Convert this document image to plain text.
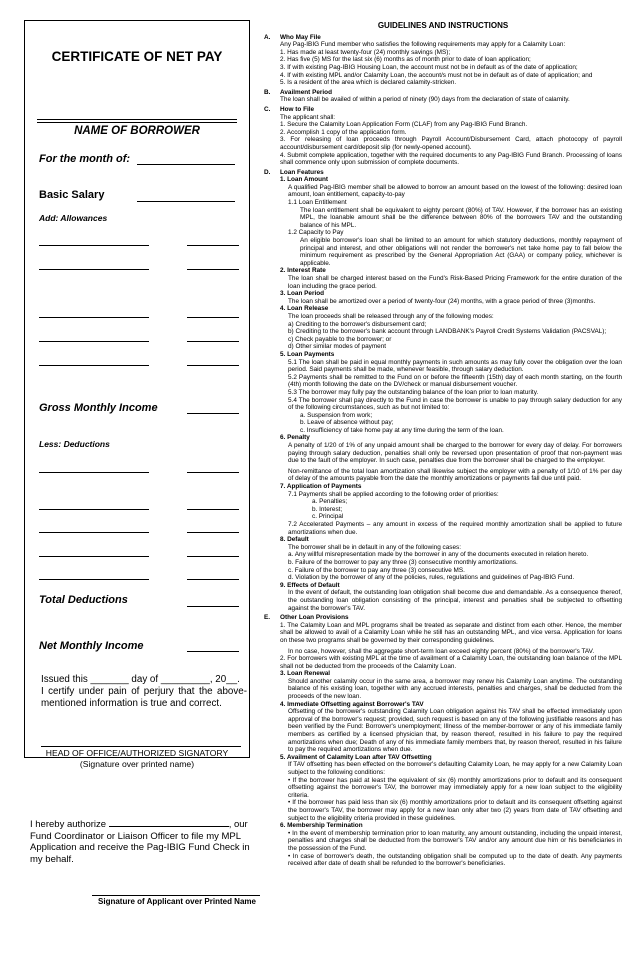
CERTIFICATE OF NET PAY
NAME OF BORROWER
For the month of:
Basic Salary
Add: Allowances
Gross Monthly Income
Less: Deductions
Total Deductions
Net Monthly Income
Issued this _______ day of _________, 20__.
I certify under pain of perjury that the above-mentioned information is true and correct.
HEAD OF OFFICE/AUTHORIZED SIGNATORY
(Signature over printed name)
I hereby authorize	, our Fund Coordinator or Liaison Officer to file my MPL Application and receive the Pag-IBIG Fund Check in my behalf.
Signature of Applicant over Printed Name
GUIDELINES AND INSTRUCTIONS
A. Who May File
Any Pag-IBIG Fund member who satisfies the following requirements may apply for a Calamity Loan:
1. Has made at least twenty-four (24) monthly savings (MS);
2. Has five (5) MS for the last six (6) months as of month prior to date of loan application;
3. If with existing Pag-IBIG Housing Loan, the account must not be in default as of the date of application;
4. If with existing MPL and/or Calamity Loan, the account/s must not be in default as of date of application; and
5. Is a resident of the area which is declared calamity-stricken.
B. Availment Period
The loan shall be availed of within a period of ninety (90) days from the declaration of state of calamity.
C. How to File
The applicant shall:
1. Secure the Calamity Loan Application Form (CLAF) from any Pag-IBIG Fund Branch.
2. Accomplish 1 copy of the application form.
3. For releasing of loan proceeds through Payroll Account/Disbursement Card, attach photocopy of payroll account/disbursement card/deposit slip (for newly-opened account).
4. Submit complete application, together with the required documents to any Pag-IBIG Fund Branch. Processing of loans shall commence only upon submission of complete documents.
D. Loan Features
1. Loan Amount
A qualified Pag-IBIG member shall be allowed to borrow an amount based on the lowest of the following: desired loan amount, loan entitlement, capacity-to-pay
1.1 Loan Entitlement
The loan entitlement shall be equivalent to eighty percent (80%) of TAV. However, if the borrower has an existing MPL, the loanable amount shall be the difference between 80% of the borrowers TAV and the outstanding balance of his MPL.
1.2 Capacity to Pay
An eligible borrower's loan shall be limited to an amount for which statutory deductions, monthly repayment of principal and interest, and other obligations will not render the borrower's net take home pay to fall below the minimum requirement as prescribed by the General Appropriation Act (GAA) or company policy, whichever is applicable.
2. Interest Rate
The loan shall be charged interest based on the Fund's Risk-Based Pricing Framework for the entire duration of the loan including the grace period.
3. Loan Period
The loan shall be amortized over a period of twenty-four (24) months, with a grace period of three (3)months.
4. Loan Release
The loan proceeds shall be released through any of the following modes:
a) Crediting to the borrower's disbursement card;
b) Crediting to the borrower's bank account through LANDBANK's Payroll Credit Systems Validation (PACSVAL);
c) Check payable to the borrower; or
d) Other similar modes of payment
5. Loan Payments
5.1 The loan shall be paid in equal monthly payments in such amounts as may fully cover the obligation over the loan period. Said payments shall be made, whenever feasible, through salary deduction.
5.2 Payments shall be remitted to the Fund on or before the fifteenth (15th) day of each month starting, on the fourth (4th) month following the date on the DV/check or manual disbursement voucher.
5.3 The borrower may fully pay the outstanding balance of the loan prior to loan maturity.
5.4 The borrower shall pay directly to the Fund in case the borrower is unable to pay through salary deduction for any of the following circumstances, such as but not limited to:
a. Suspension from work;
b. Leave of absence without pay;
c. Insufficiency of take home pay at any time during the term of the loan.
6. Penalty
A penalty of 1/20 of 1% of any unpaid amount shall be charged to the borrower for every day of delay. For borrowers paying through salary deduction, penalties shall only be reversed upon presentation of proof that non-payment was due to the fault of the employer. In such case, penalties due from the borrower shall be charged to the employer.
Non-remittance of the total loan amortization shall likewise subject the employer with a penalty of 1/10 of 1% per day of delay of the amounts payable from the date the monthly amortizations or payments fall due until paid.
7. Application of Payments
7.1 Payments shall be applied according to the following order of priorities:
a. Penalties;
b. Interest;
c. Principal
7.2 Accelerated Payments – any amount in excess of the required monthly amortization shall be applied to future amortizations when due.
8. Default
The borrower shall be in default in any of the following cases:
a. Any willful misrepresentation made by the borrower in any of the documents executed in relation hereto.
b. Failure of the borrower to pay any three (3) consecutive monthly amortizations.
c. Failure of the borrower to pay any three (3) consecutive MS.
d. Violation by the borrower of any of the policies, rules, regulations and guidelines of Pag-IBIG Fund.
9. Effects of Default
In the event of default, the outstanding loan obligation shall become due and demandable. As a consequence thereof, the outstanding loan obligation consisting of the principal, interest and penalties shall be subjected to offsetting against the borrower's TAV.
E. Other Loan Provisions
1. The Calamity Loan and MPL programs shall be treated as separate and distinct from each other. Hence, the member shall be allowed to avail of a Calamity Loan while he still has an outstanding MPL, and vice versa. Application for loans on these two programs shall be governed by their corresponding guidelines.
In no case, however, shall the aggregate short-term loan exceed eighty percent (80%) of the borrower's TAV.
2. For borrowers with existing MPL at the time of availment of a Calamity Loan, the outstanding loan balance of the MPL shall not be deducted from the proceeds of the Calamity Loan.
3. Loan Renewal
Should another calamity occur in the same area, a borrower may renew his Calamity Loan anytime. The outstanding balance of his existing loan, together with any accrued interests, penalties and charges, shall be deducted from the proceeds of the new loan.
4. Immediate Offsetting against Borrower's TAV
Offsetting of the borrower's outstanding Calamity Loan obligation against his TAV shall be effected immediately upon approval of the borrower's request; provided, such request is based on any of the following justifiable reasons and has been verified by the Fund: Borrower's unemployment; Illness of the member-borrower or any of his immediate family members as certified by a licensed physician that, by reason thereof, resulted in his failure to pay the required amortizations when due; Death of any of his immediate family members that, by reason thereof, resulted in his failure to pay the required amortizations when due.
5. Availment of Calamity Loan after TAV Offsetting
If TAV offsetting has been effected on the borrower's defaulting Calamity Loan, he may apply for a new Calamity Loan subject to the following conditions:
• If the borrower has paid at least the equivalent of six (6) monthly amortizations prior to default and its consequent offsetting against the borrower's TAV, the borrower may immediately apply for a new loan subject to the eligibility criteria.
• If the borrower has paid less than six (6) monthly amortizations prior to default and its consequent offsetting against the borrower's TAV, the borrower may apply for a new loan only after two (2) years from date of TAV offsetting and subject to the eligibility criteria provided in these guidelines.
6. Membership Termination
• In the event of membership termination prior to loan maturity, any amount outstanding, including the unpaid interest, penalties and charges shall be deducted from the borrower's TAV and/or any amount due him or his beneficiaries in the possession of the Fund.
• In case of borrower's death, the outstanding obligation shall be computed up to the date of death. Any payments received after date of death shall be refunded to the borrower's beneficiaries.
